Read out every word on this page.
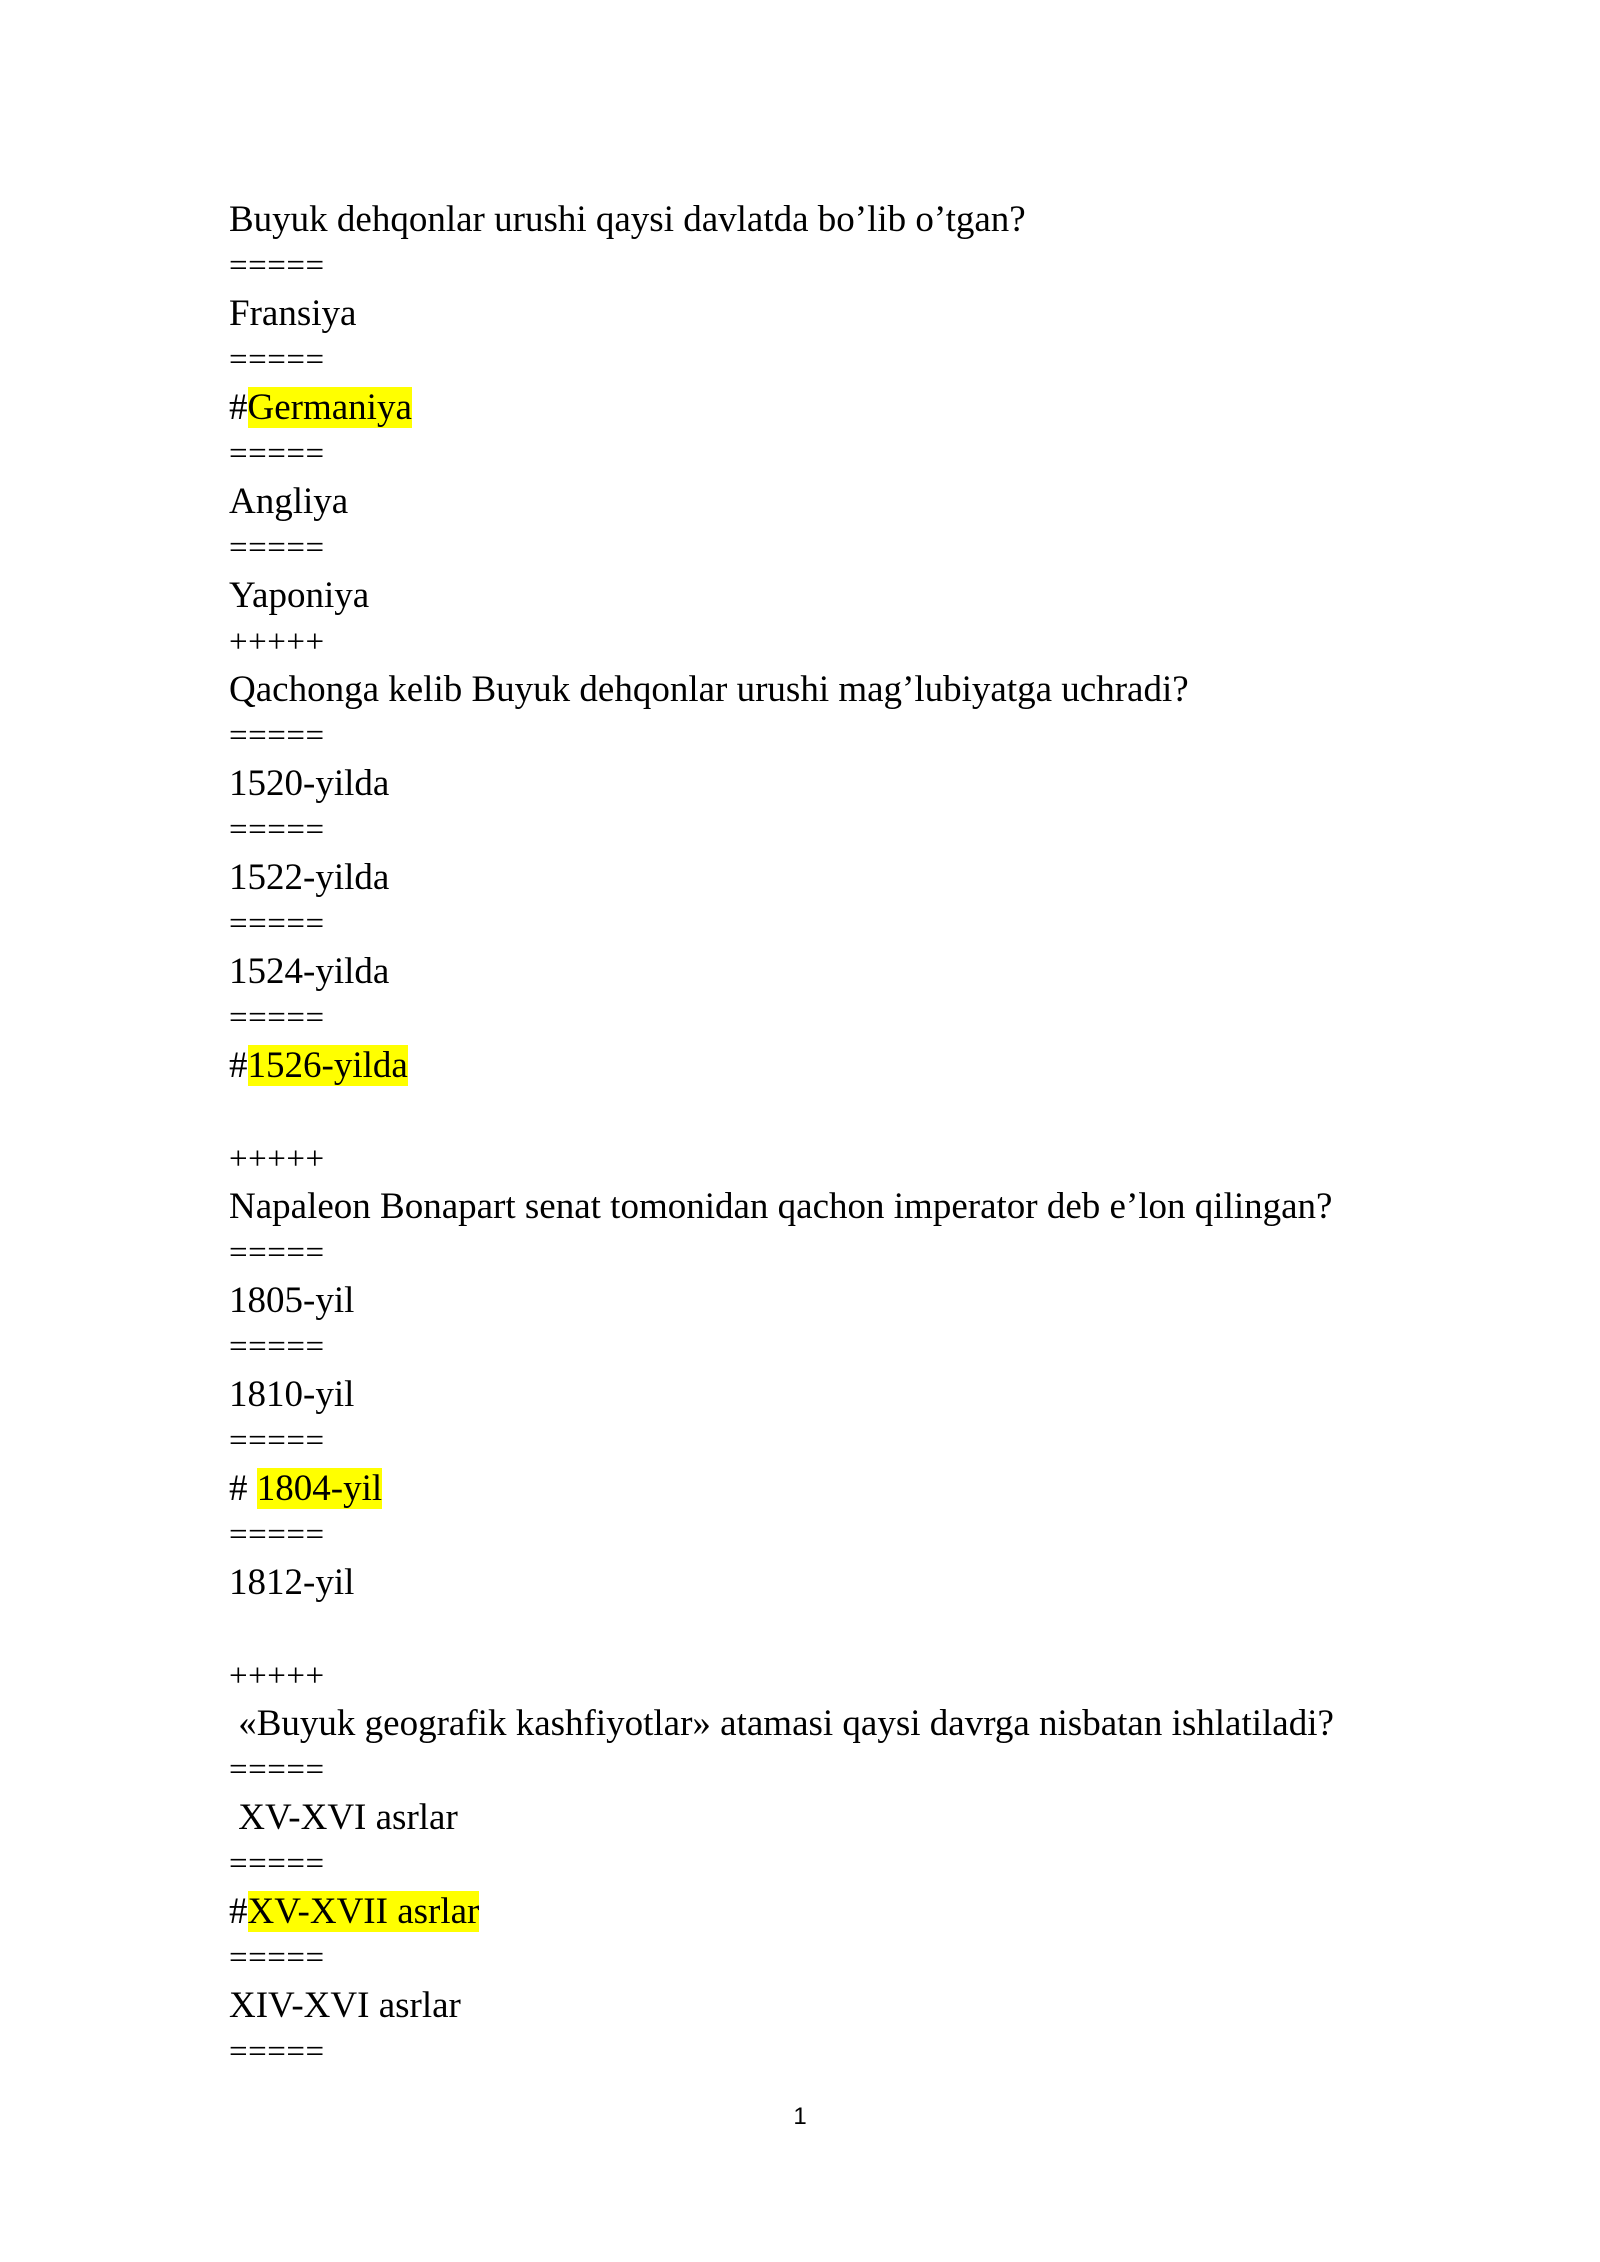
Buyuk dehqonlar urushi qaysi davlatda bo’lib o’tgan?
=====
Fransiya
=====
#Germaniya
=====
Angliya
=====
Yaponiya
+++++
Qachonga kelib Buyuk dehqonlar urushi mag’lubiyatga uchradi?
=====
1520-yilda
=====
1522-yilda
=====
1524-yilda
=====
#1526-yilda
+++++
Napaleon Bonapart senat tomonidan qachon imperator deb e’lon qilingan?
=====
1805-yil
=====
1810-yil
=====
# 1804-yil
=====
1812-yil
+++++
«Buyuk geografik kashfiyotlar» atamasi qaysi davrga nisbatan ishlatiladi?
=====
XV-XVI asrlar
=====
#XV-XVII asrlar
=====
XIV-XVI asrlar
=====
1
